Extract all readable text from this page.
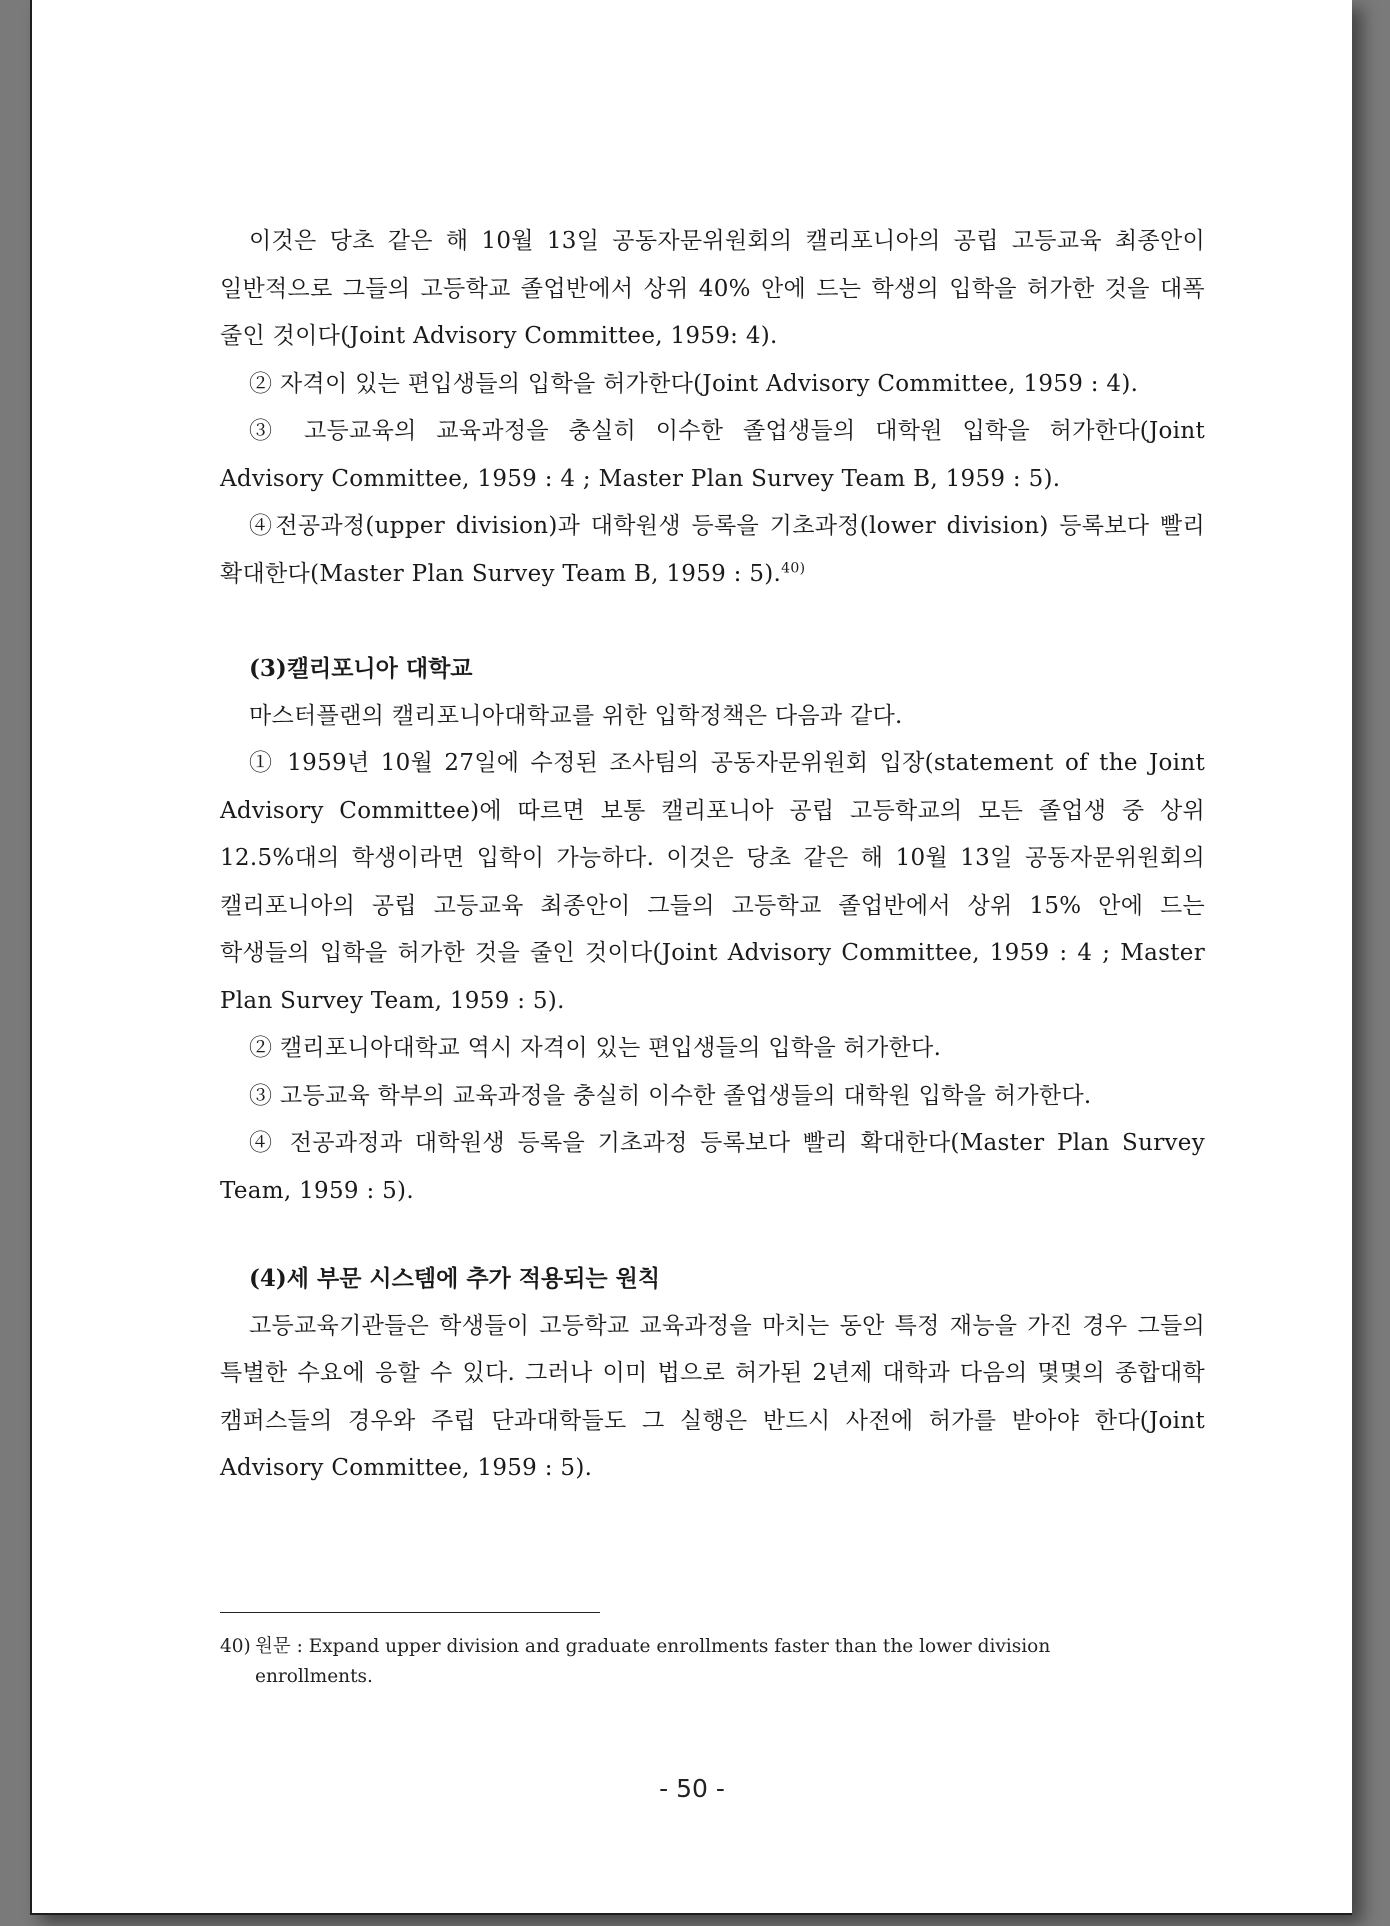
이것은 당초 같은 해 10월 13일 공동자문위원회의 캘리포니아의 공립 고등교육 최종안이 일반적으로 그들의 고등학교 졸업반에서 상위 40% 안에 드는 학생의 입학을 허가한 것을 대폭 줄인 것이다(Joint Advisory Committee, 1959: 4).

② 자격이 있는 편입생들의 입학을 허가한다(Joint Advisory Committee, 1959 : 4).

③ 고등교육의 교육과정을 충실히 이수한 졸업생들의 대학원 입학을 허가한다(Joint Advisory Committee, 1959 : 4 ; Master Plan Survey Team B, 1959 : 5).

④전공과정(upper division)과 대학원생 등록을 기초과정(lower division) 등록보다 빨리 확대한다(Master Plan Survey Team B, 1959 : 5).$^{40)}$

(3)캘리포니아 대학교

마스터플랜의 캘리포니아대학교를 위한 입학정책은 다음과 같다.

① 1959년 10월 27일에 수정된 조사팀의 공동자문위원회 입장(statement of the Joint Advisory Committee)에 따르면 보통 캘리포니아 공립 고등학교의 모든 졸업생 중 상위 12.5%대의 학생이라면 입학이 가능하다. 이것은 당초 같은 해 10월 13일 공동자문위원회의 캘리포니아의 공립 고등교육 최종안이 그들의 고등학교 졸업반에서 상위 15% 안에 드는 학생들의 입학을 허가한 것을 줄인 것이다(Joint Advisory Committee, 1959 : 4 ; Master Plan Survey Team, 1959 : 5).

② 캘리포니아대학교 역시 자격이 있는 편입생들의 입학을 허가한다.

③ 고등교육 학부의 교육과정을 충실히 이수한 졸업생들의 대학원 입학을 허가한다.

④ 전공과정과 대학원생 등록을 기초과정 등록보다 빨리 확대한다(Master Plan Survey Team, 1959 : 5).

(4)세 부문 시스템에 추가 적용되는 원칙

고등교육기관들은 학생들이 고등학교 교육과정을 마치는 동안 특정 재능을 가진 경우 그들의 특별한 수요에 응할 수 있다. 그러나 이미 법으로 허가된 2년제 대학과 다음의 몇몇의 종합대학 캠퍼스들의 경우와 주립 단과대학들도 그 실행은 반드시 사전에 허가를 받아야 한다(Joint Advisory Committee, 1959 : 5).

40) 원문 : Expand upper division and graduate enrollments faster than the lower division
enrollments.
- 50 -
